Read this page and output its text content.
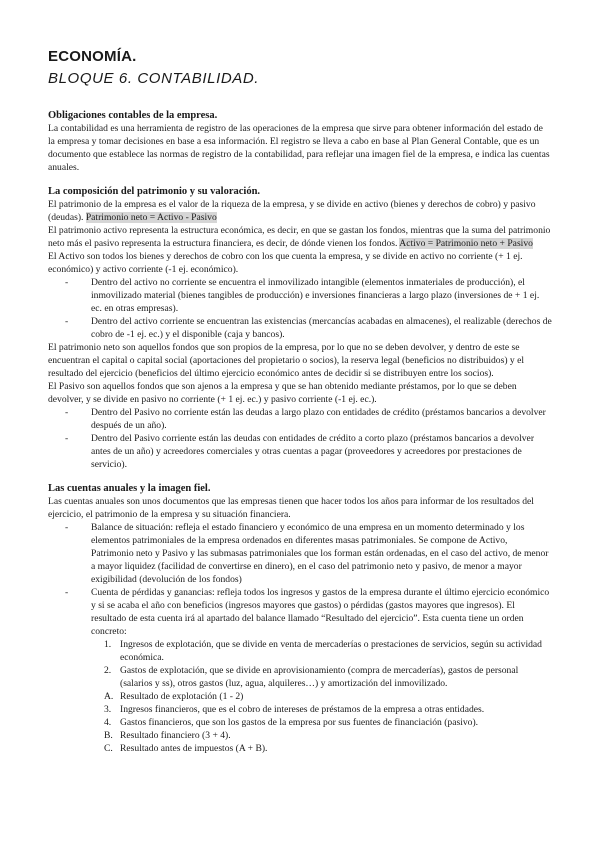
ECONOMÍA.
BLOQUE 6. CONTABILIDAD.
Obligaciones contables de la empresa.

La contabilidad es una herramienta de registro de las operaciones de la empresa que sirve para obtener información del estado de la empresa y tomar decisiones en base a esa información. El registro se lleva a cabo en base al Plan General Contable, que es un documento que establece las normas de registro de la contabilidad, para reflejar una imagen fiel de la empresa, e indica las cuentas anuales.

La composición del patrimonio y su valoración.

El patrimonio de la empresa es el valor de la riqueza de la empresa, y se divide en activo (bienes y derechos de cobro) y pasivo (deudas). Patrimonio neto = Activo - Pasivo

El patrimonio activo representa la estructura económica, es decir, en que se gastan los fondos, mientras que la suma del patrimonio neto más el pasivo representa la estructura financiera, es decir, de dónde vienen los fondos. Activo = Patrimonio neto + Pasivo

El Activo son todos los bienes y derechos de cobro con los que cuenta la empresa, y se divide en activo no corriente (+ 1 ej. económico) y activo corriente (-1 ej. económico).

- Dentro del activo no corriente se encuentra el inmovilizado intangible (elementos inmateriales de producción), el inmovilizado material (bienes tangibles de producción) e inversiones financieras a largo plazo (inversiones de + 1 ej. ec. en otras empresas).
- Dentro del activo corriente se encuentran las existencias (mercancías acabadas en almacenes), el realizable (derechos de cobro de -1 ej. ec.) y el disponible (caja y bancos).

El patrimonio neto son aquellos fondos que son propios de la empresa, por lo que no se deben devolver, y dentro de este se encuentran el capital o capital social (aportaciones del propietario o socios), la reserva legal (beneficios no distribuidos) y el resultado del ejercicio (beneficios del último ejercicio económico antes de decidir si se distribuyen entre los socios).

El Pasivo son aquellos fondos que son ajenos a la empresa y que se han obtenido mediante préstamos, por lo que se deben devolver, y se divide en pasivo no corriente (+ 1 ej. ec.) y pasivo corriente (-1 ej. ec.).

- Dentro del Pasivo no corriente están las deudas a largo plazo con entidades de crédito (préstamos bancarios a devolver después de un año).
- Dentro del Pasivo corriente están las deudas con entidades de crédito a corto plazo (préstamos bancarios a devolver antes de un año) y acreedores comerciales y otras cuentas a pagar (proveedores y acreedores por prestaciones de servicio).
Las cuentas anuales y la imagen fiel.

Las cuentas anuales son unos documentos que las empresas tienen que hacer todos los años para informar de los resultados del ejercicio, el patrimonio de la empresa y su situación financiera.

- Balance de situación: refleja el estado financiero y económico de una empresa en un momento determinado y los elementos patrimoniales de la empresa ordenados en diferentes masas patrimoniales. Se compone de Activo, Patrimonio neto y Pasivo y las submasas patrimoniales que los forman están ordenadas, en el caso del activo, de menor a mayor liquidez (facilidad de convertirse en dinero), en el caso del patrimonio neto y pasivo, de menor a mayor exigibilidad (devolución de los fondos)
- Cuenta de pérdidas y ganancias: refleja todos los ingresos y gastos de la empresa durante el último ejercicio económico y si se acaba el año con beneficios (ingresos mayores que gastos) o pérdidas (gastos mayores que ingresos). El resultado de esta cuenta irá al apartado del balance llamado “Resultado del ejercicio”. Esta cuenta tiene un orden concreto:
1. Ingresos de explotación, que se divide en venta de mercaderías o prestaciones de servicios, según su actividad económica.
2. Gastos de explotación, que se divide en aprovisionamiento (compra de mercaderías), gastos de personal (salarios y ss), otros gastos (luz, agua, alquileres…) y amortización del inmovilizado.
A. Resultado de explotación (1 - 2)
3. Ingresos financieros, que es el cobro de intereses de préstamos de la empresa a otras entidades.
4. Gastos financieros, que son los gastos de la empresa por sus fuentes de financiación (pasivo).
B. Resultado financiero (3 + 4).
C. Resultado antes de impuestos (A + B).
